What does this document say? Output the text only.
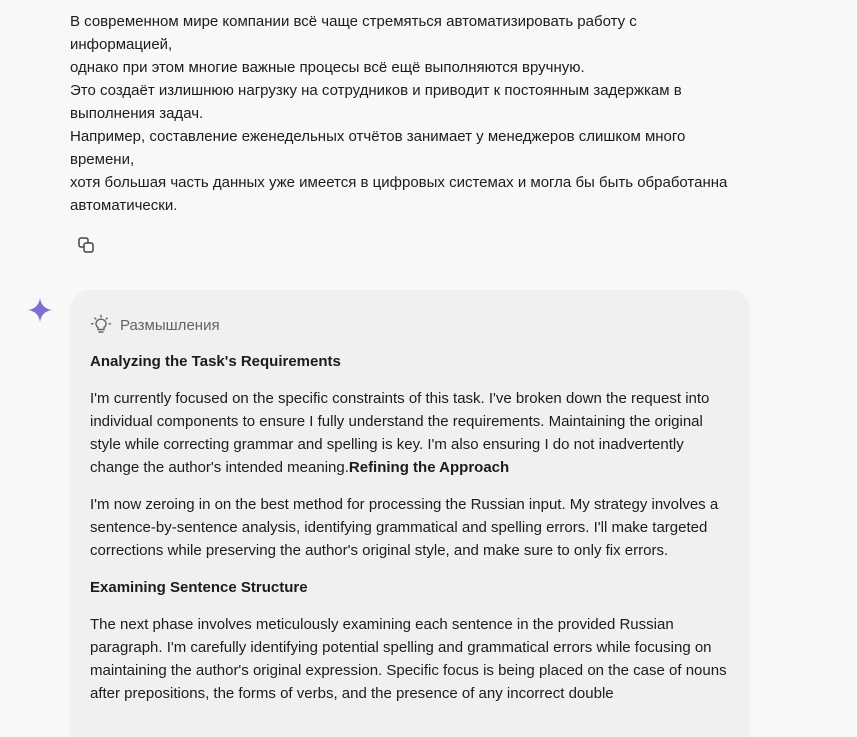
В современном мире компании всё чаще стремяться автоматизировать работу с информацией,
однако при этом многие важные процесы всё ещё выполняются вручную.
Это создаёт излишнюю нагрузку на сотрудников и приводит к постоянным задержкам в выполнения задач.
Например, составление еженедельных отчётов занимает у менеджеров слишком много времени,
хотя большая часть данных уже имеется в цифровых системах и могла бы быть обработанна автоматически.
Размышления
Analyzing the Task's Requirements
I'm currently focused on the specific constraints of this task. I've broken down the request into individual components to ensure I fully understand the requirements. Maintaining the original style while correcting grammar and spelling is key. I'm also ensuring I do not inadvertently change the author's intended meaning.Refining the Approach
I'm now zeroing in on the best method for processing the Russian input. My strategy involves a sentence-by-sentence analysis, identifying grammatical and spelling errors. I'll make targeted corrections while preserving the author's original style, and make sure to only fix errors.
Examining Sentence Structure
The next phase involves meticulously examining each sentence in the provided Russian paragraph. I'm carefully identifying potential spelling and grammatical errors while focusing on maintaining the author's original expression. Specific focus is being placed on the case of nouns after prepositions, the forms of verbs, and the presence of any incorrect double
